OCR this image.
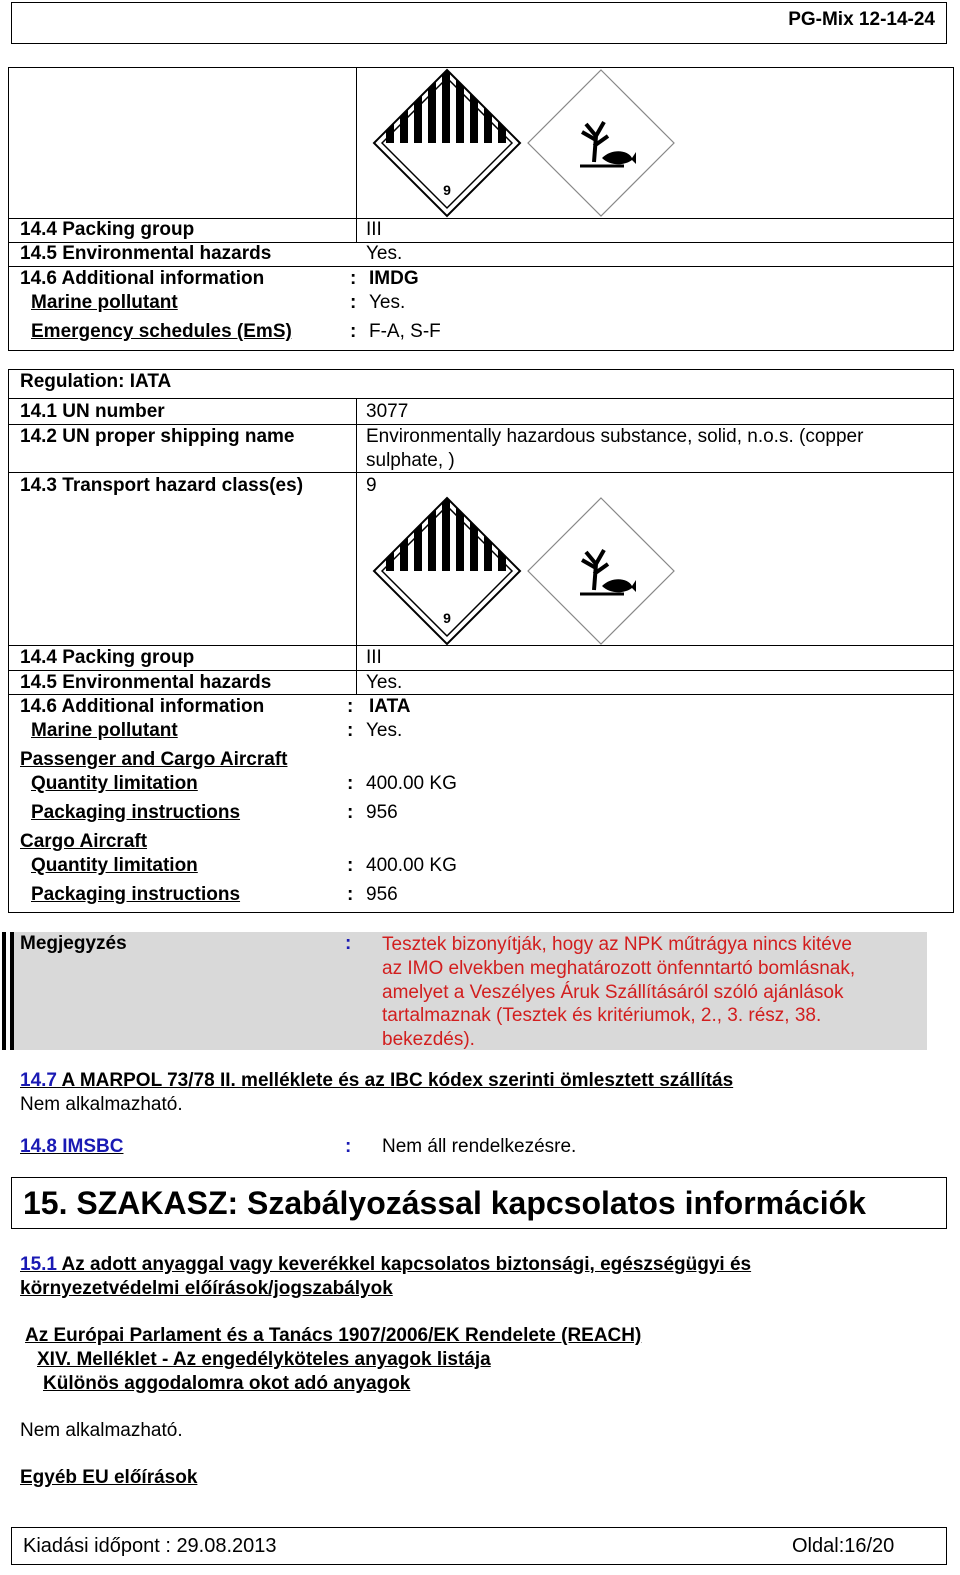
PG-Mix 12-14-24
9
14.4 Packing group	III
14.5 Environmental hazards	Yes.
14.6 Additional information	: IMDG
Marine pollutant	: Yes.
Emergency schedules (EmS)	: F-A, S-F
Regulation: IATA
14.1 UN number	3077
14.2 UN proper shipping name	Environmentally hazardous substance, solid, n.o.s. (copper
sulphate, )
14.3 Transport hazard class(es)	9
9
14.4 Packing group	III
14.5 Environmental hazards	Yes.
14.6 Additional information	: IATA
Marine pollutant	: Yes.
Passenger and Cargo Aircraft
Quantity limitation	: 400.00 KG
Packaging instructions	: 956
Cargo Aircraft
Quantity limitation	: 400.00 KG
Packaging instructions	: 956
Megjegyzés	: Tesztek bizonyítják, hogy az NPK műtrágya nincs kitéve
az IMO elvekben meghatározott önfenntartó bomlásnak,
amelyet a Veszélyes Áruk Szállításáról szóló ajánlások
tartalmaznak (Tesztek és kritériumok, 2., 3. rész, 38.
bekezdés).
14.7 A MARPOL 73/78 II. melléklete és az IBC kódex szerinti ömlesztett szállítás
Nem alkalmazható.
14.8 IMSBC	: Nem áll rendelkezésre.
15. SZAKASZ: Szabályozással kapcsolatos információk
15.1 Az adott anyaggal vagy keverékkel kapcsolatos biztonsági, egészségügyi és
környezetvédelmi előírások/jogszabályok
Az Európai Parlament és a Tanács 1907/2006/EK Rendelete (REACH)
XIV. Melléklet - Az engedélyköteles anyagok listája
Különös aggodalomra okot adó anyagok
Nem alkalmazható.
Egyéb EU előírások
Kiadási időpont : 29.08.2013	Oldal:16/20
